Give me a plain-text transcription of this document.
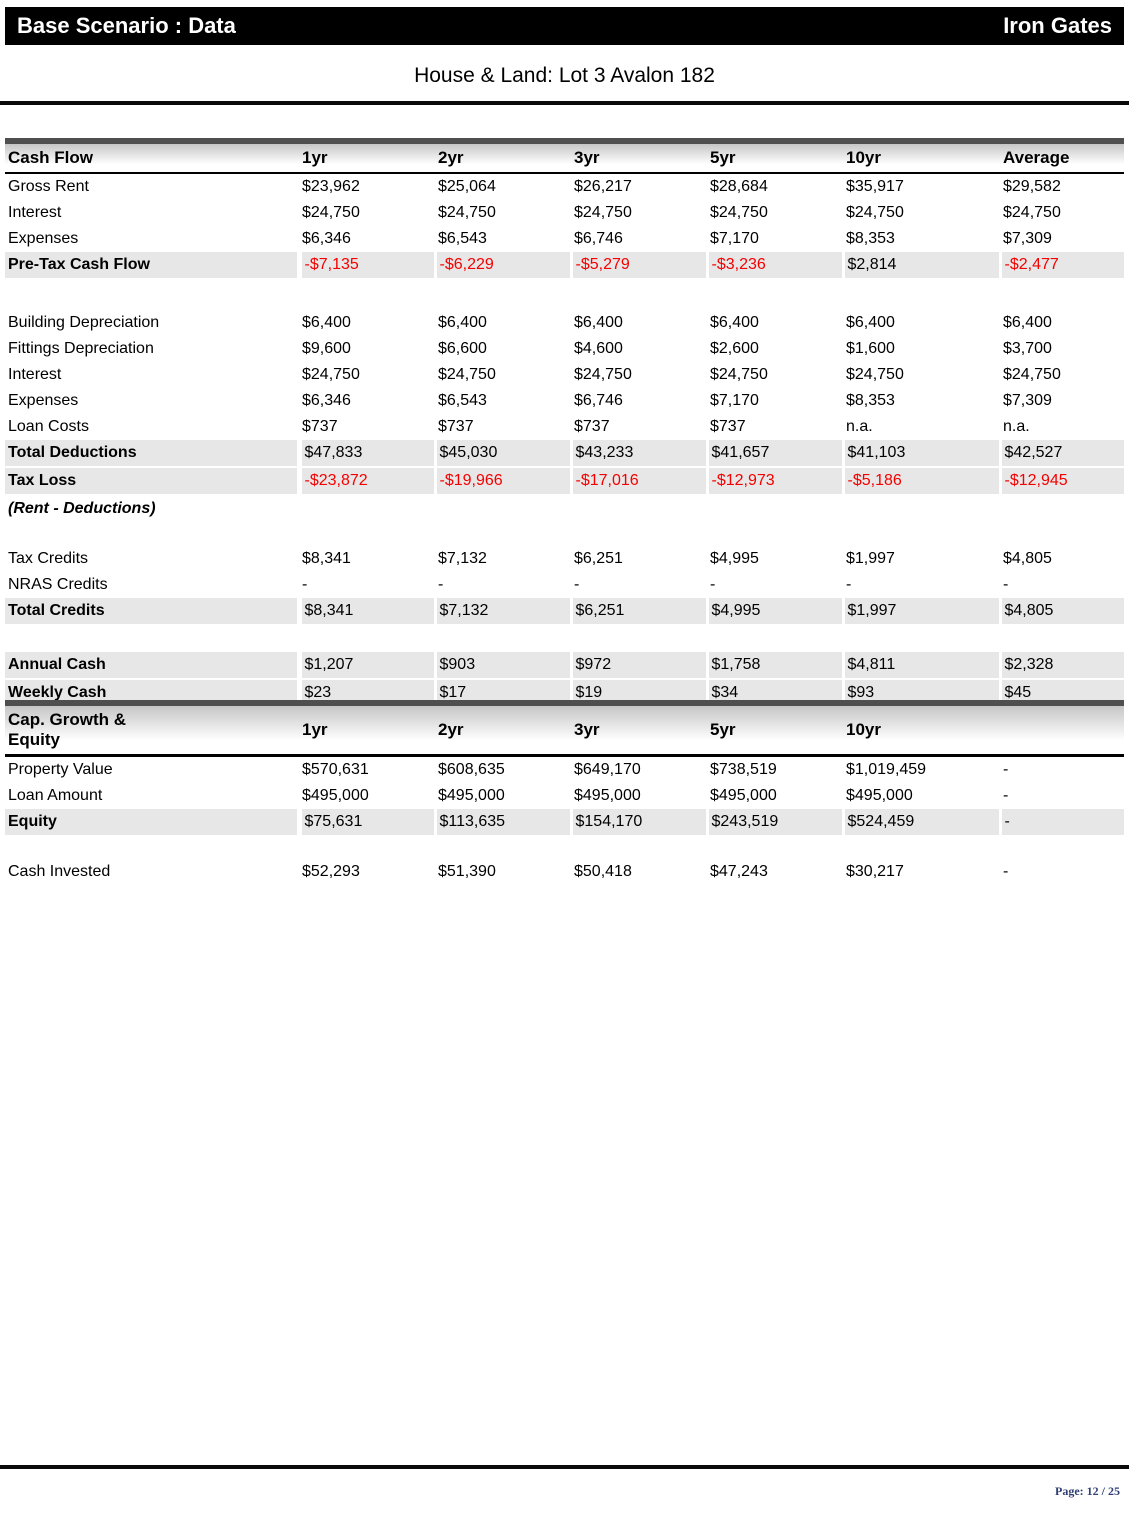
Base Scenario : Data	Iron Gates
House & Land: Lot 3 Avalon 182
Cash Flow	1yr	2yr	3yr	5yr	10yr	Average
Gross Rent	$23,962	$25,064	$26,217	$28,684	$35,917	$29,582
Interest	$24,750	$24,750	$24,750	$24,750	$24,750	$24,750
Expenses	$6,346	$6,543	$6,746	$7,170	$8,353	$7,309
Pre-Tax Cash Flow	-$7,135	-$6,229	-$5,279	-$3,236	$2,814	-$2,477

Building Depreciation	$6,400	$6,400	$6,400	$6,400	$6,400	$6,400
Fittings Depreciation	$9,600	$6,600	$4,600	$2,600	$1,600	$3,700
Interest	$24,750	$24,750	$24,750	$24,750	$24,750	$24,750
Expenses	$6,346	$6,543	$6,746	$7,170	$8,353	$7,309
Loan Costs	$737	$737	$737	$737	n.a.	n.a.
Total Deductions	$47,833	$45,030	$43,233	$41,657	$41,103	$42,527
Tax Loss	-$23,872	-$19,966	-$17,016	-$12,973	-$5,186	-$12,945
(Rent - Deductions)						

Tax Credits	$8,341	$7,132	$6,251	$4,995	$1,997	$4,805
NRAS Credits	-	-	-	-	-	-
Total Credits	$8,341	$7,132	$6,251	$4,995	$1,997	$4,805

Annual Cash	$1,207	$903	$972	$1,758	$4,811	$2,328
Weekly Cash	$23	$17	$19	$34	$93	$45
Cap. Growth &
Equity	1yr	2yr	3yr	5yr	10yr	
Property Value	$570,631	$608,635	$649,170	$738,519	$1,019,459	-
Loan Amount	$495,000	$495,000	$495,000	$495,000	$495,000	-
Equity	$75,631	$113,635	$154,170	$243,519	$524,459	-

Cash Invested	$52,293	$51,390	$50,418	$47,243	$30,217	-
Page: 12 / 25
